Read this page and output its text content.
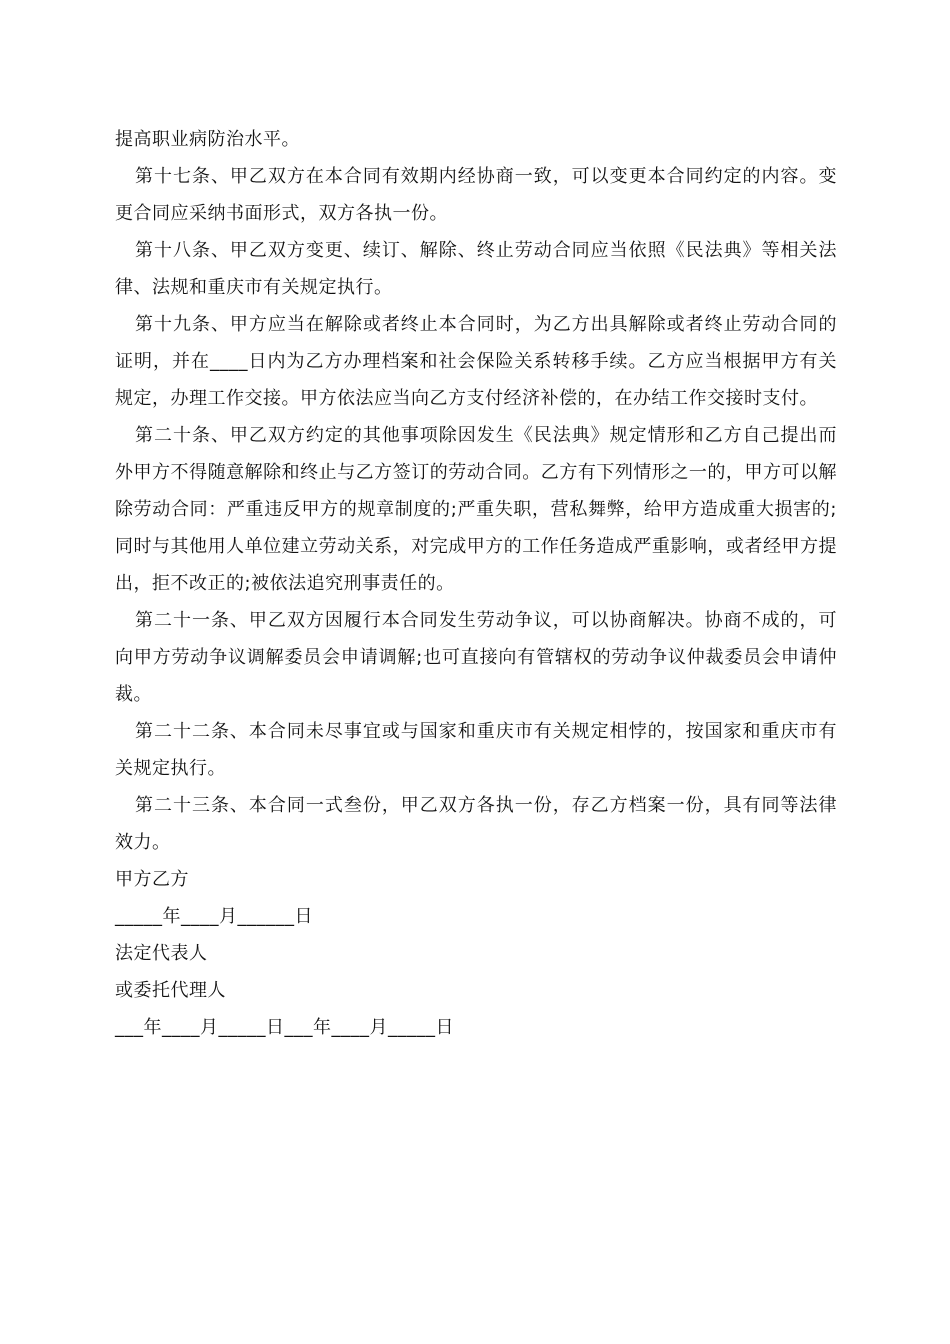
提高职业病防治水平。

第十七条、甲乙双方在本合同有效期内经协商一致，可以变更本合同约定的内容。变更合同应采纳书面形式，双方各执一份。

第十八条、甲乙双方变更、续订、解除、终止劳动合同应当依照《民法典》等相关法律、法规和重庆市有关规定执行。

第十九条、甲方应当在解除或者终止本合同时，为乙方出具解除或者终止劳动合同的证明，并在____日内为乙方办理档案和社会保险关系转移手续。乙方应当根据甲方有关规定，办理工作交接。甲方依法应当向乙方支付经济补偿的，在办结工作交接时支付。

第二十条、甲乙双方约定的其他事项除因发生《民法典》规定情形和乙方自己提出而外甲方不得随意解除和终止与乙方签订的劳动合同。乙方有下列情形之一的，甲方可以解除劳动合同：严重违反甲方的规章制度的;严重失职，营私舞弊，给甲方造成重大损害的;同时与其他用人单位建立劳动关系，对完成甲方的工作任务造成严重影响，或者经甲方提出，拒不改正的;被依法追究刑事责任的。

第二十一条、甲乙双方因履行本合同发生劳动争议，可以协商解决。协商不成的，可向甲方劳动争议调解委员会申请调解;也可直接向有管辖权的劳动争议仲裁委员会申请仲裁。

第二十二条、本合同未尽事宜或与国家和重庆市有关规定相悖的，按国家和重庆市有关规定执行。

第二十三条、本合同一式叁份，甲乙双方各执一份，存乙方档案一份，具有同等法律效力。

甲方乙方

_____年____月______日

法定代表人

或委托代理人

___年____月_____日___年____月_____日
